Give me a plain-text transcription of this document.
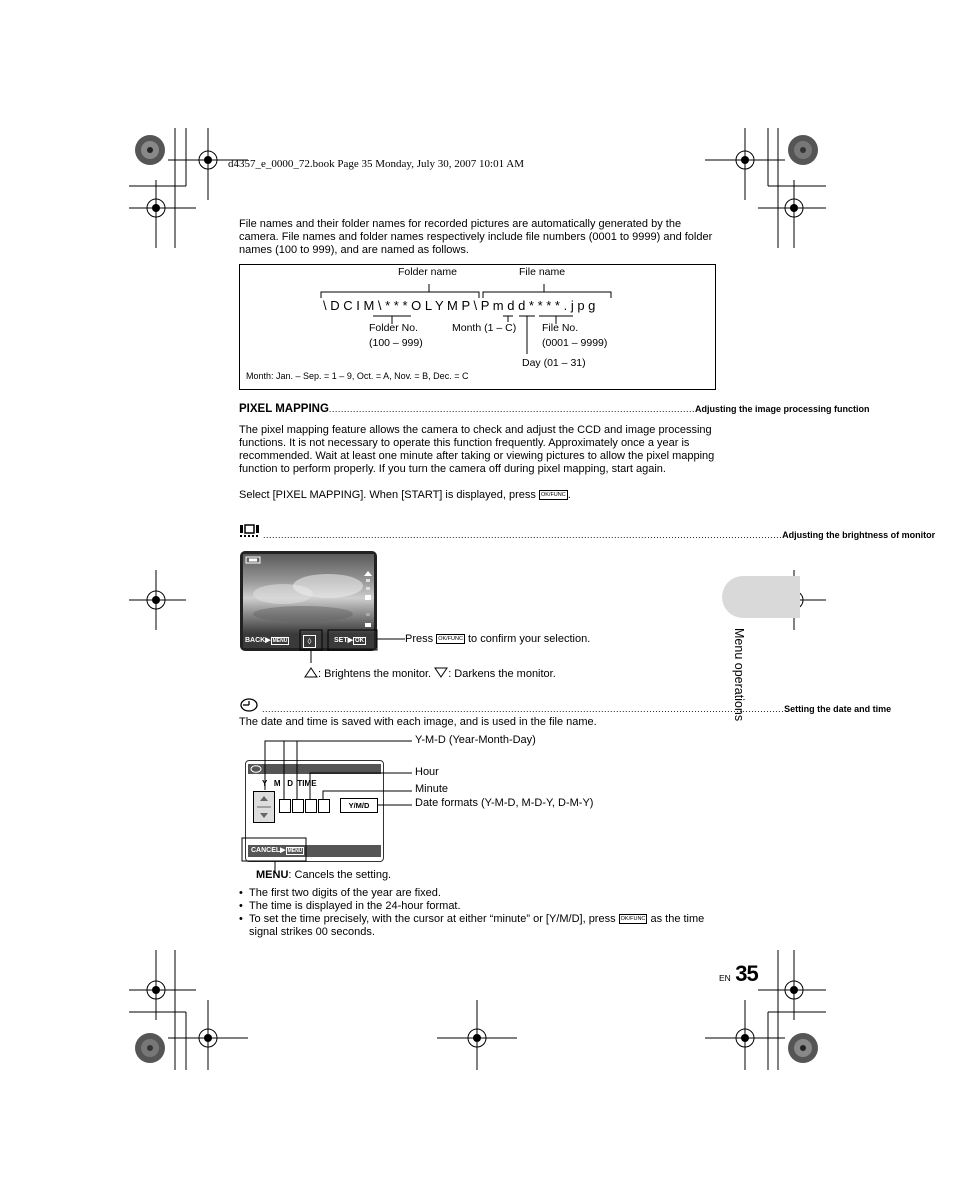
d4357_e_0000_72.book Page 35 Monday, July 30, 2007 10:01 AM

File names and their folder names for recorded pictures are automatically generated by the camera. File names and folder names respectively include file numbers (0001 to 9999) and folder names (100 to 999), and are named as follows.

Folder name	File name
\ D C I M \ * * * O L Y M P \ P m d d * * * * . j p g
Folder No.
(100 – 999)
Month (1 – C) File No.
(0001 – 9999)
Day (01 – 31)
Month: Jan. – Sep. = 1 – 9, Oct. = A, Nov. = B, Dec. = C
PIXEL MAPPING .......................................................................................................................... Adjusting the image processing function

The pixel mapping feature allows the camera to check and adjust the CCD and image processing functions. It is not necessary to operate this function frequently. Approximately once a year is recommended. Wait at least one minute after taking or viewing pictures to allow the pixel mapping function to perform properly. If you turn the camera off during pixel mapping, start again.

Select [PIXEL MAPPING]. When [START] is displayed, press OK/FUNC .
............................................................................................................................................................................. Adjusting the brightness of monitor
BACK▶ MENU	◊	SET▶ OK	Press OK/FUNC to confirm your selection.
: Brightens the monitor. : Darkens the monitor.
.............................................................................................................................................................................. Setting the date and time

The date and time is saved with each image, and is used in the file name.

Y   M   D  TIME
Y/M/D
CANCEL▶ MENU
Y-M-D (Year-Month-Day)
Hour
Minute
Date formats (Y-M-D, M-D-Y, D-M-Y)
MENU: Cancels the setting.
• The first two digits of the year are fixed.
• The time is displayed in the 24-hour format.
• To set the time precisely, with the cursor at either “minute” or [Y/M/D], press OK/FUNC as the time signal strikes 00 seconds.
Menu operations
EN 35
